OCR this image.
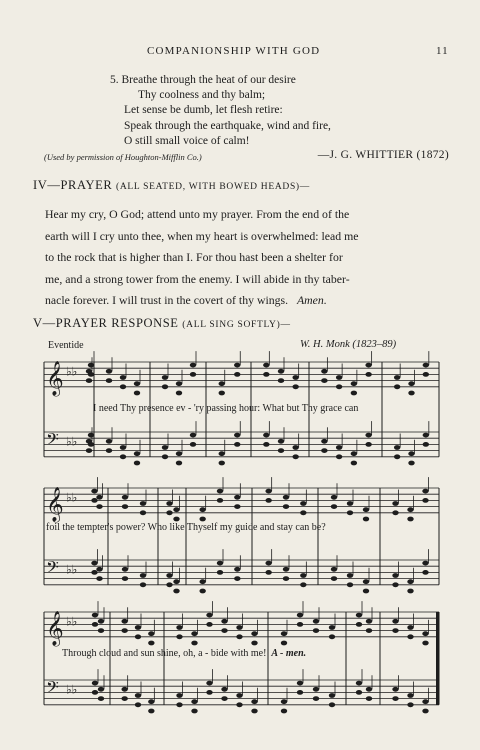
COMPANIONSHIP WITH GOD	11
5. Breathe through the heat of our desire
Thy coolness and thy balm;
Let sense be dumb, let flesh retire:
Speak through the earthquake, wind and fire,
O still small voice of calm!
(Used by permission of Houghton-Mifflin Co.)	—J. G. WHITTIER (1872)
IV—PRAYER (ALL SEATED, WITH BOWED HEADS)—
Hear my cry, O God; attend unto my prayer. From the end of the
earth will I cry unto thee, when my heart is overwhelmed: lead me
to the rock that is higher than I. For thou hast been a shelter for
me, and a strong tower from the enemy. I will abide in thy taber-
nacle forever. I will trust in the covert of thy wings. Amen.
V—PRAYER RESPONSE (ALL SING SOFTLY)—
Eventide	W. H. Monk (1823–89)
𝄞 ♭♭
𝄢 ♭♭
𝄞 ♭♭
𝄢 ♭♭
𝄞 ♭♭
𝄢 ♭♭
I need Thy presence ev - 'ry passing hour: What but Thy grace can
foil the tempter's power? Who like Thyself my guide and stay can be?
Through cloud and sun shine, oh, a - bide with me! A - men.
